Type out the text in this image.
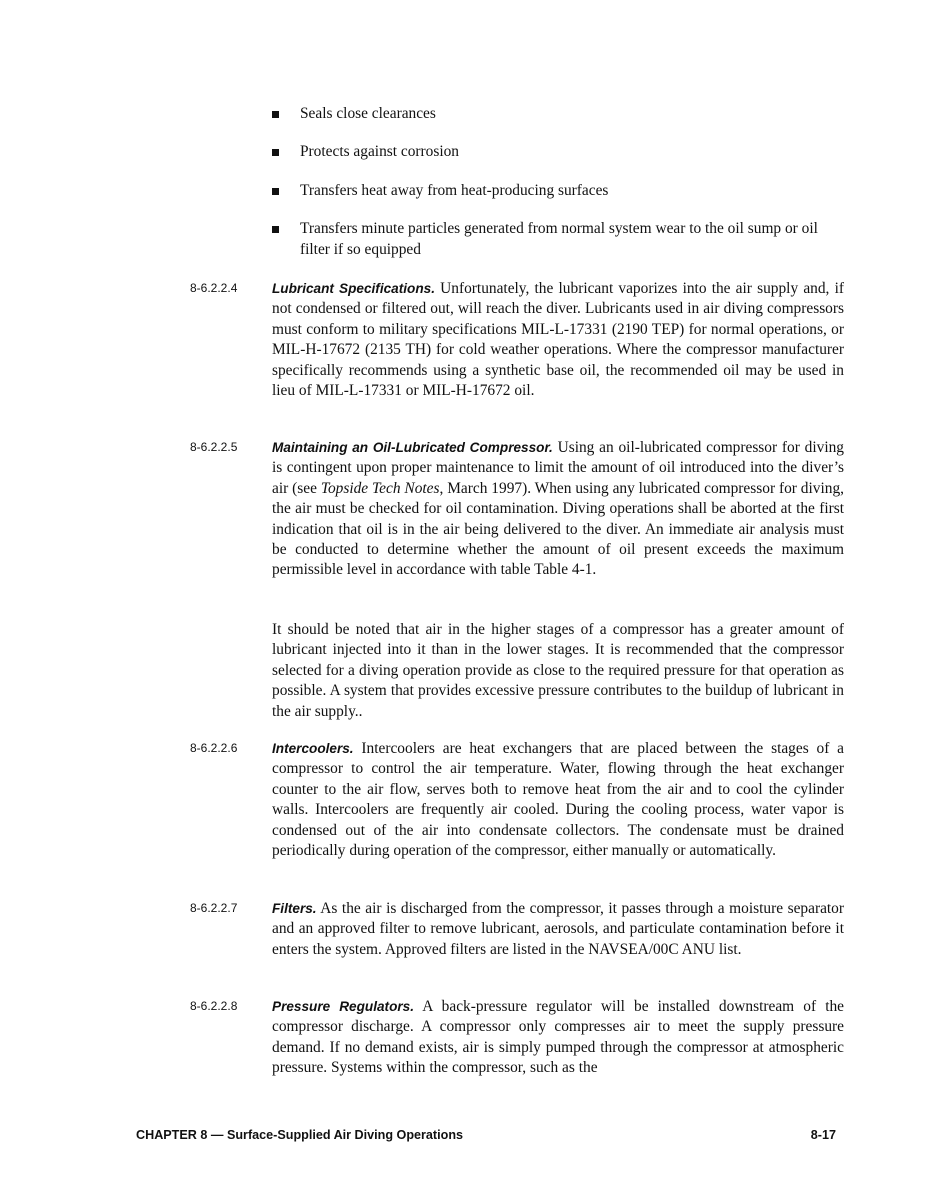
Seals close clearances
Protects against corrosion
Transfers heat away from heat-producing surfaces
Transfers minute particles generated from normal system wear to the oil sump or oil filter if so equipped
8-6.2.2.4	Lubricant Specifications. Unfortunately, the lubricant vaporizes into the air supply and, if not condensed or filtered out, will reach the diver. Lubricants used in air diving compressors must conform to military specifications MIL-L-17331 (2190 TEP) for normal operations, or MIL-H-17672 (2135 TH) for cold weather operations. Where the compressor manufacturer specifically recommends using a synthetic base oil, the recommended oil may be used in lieu of MIL-L-17331 or MIL-H-17672 oil.

8-6.2.2.5	Maintaining an Oil-Lubricated Compressor. Using an oil-lubricated compressor for diving is contingent upon proper maintenance to limit the amount of oil introduced into the diver’s air (see Topside Tech Notes, March 1997). When using any lubricated compressor for diving, the air must be checked for oil contamination. Diving operations shall be aborted at the first indication that oil is in the air being delivered to the diver. An immediate air analysis must be conducted to determine whether the amount of oil present exceeds the maximum permissible level in accordance with table Table 4-1.

It should be noted that air in the higher stages of a compressor has a greater amount of lubricant injected into it than in the lower stages. It is recommended that the compressor selected for a diving operation provide as close to the required pressure for that operation as possible. A system that provides excessive pressure contributes to the buildup of lubricant in the air supply..

8-6.2.2.6	Intercoolers. Intercoolers are heat exchangers that are placed between the stages of a compressor to control the air temperature. Water, flowing through the heat exchanger counter to the air flow, serves both to remove heat from the air and to cool the cylinder walls. Intercoolers are frequently air cooled. During the cooling process, water vapor is condensed out of the air into condensate collectors. The condensate must be drained periodically during operation of the compressor, either manually or automatically.

8-6.2.2.7	Filters. As the air is discharged from the compressor, it passes through a moisture separator and an approved filter to remove lubricant, aerosols, and particulate contamination before it enters the system. Approved filters are listed in the NAVSEA/00C ANU list.

8-6.2.2.8	Pressure Regulators. A back-pressure regulator will be installed downstream of the compressor discharge. A compressor only compresses air to meet the supply pressure demand. If no demand exists, air is simply pumped through the compressor at atmospheric pressure. Systems within the compressor, such as the

CHAPTER 8 — Surface-Supplied Air Diving Operations	8-17
